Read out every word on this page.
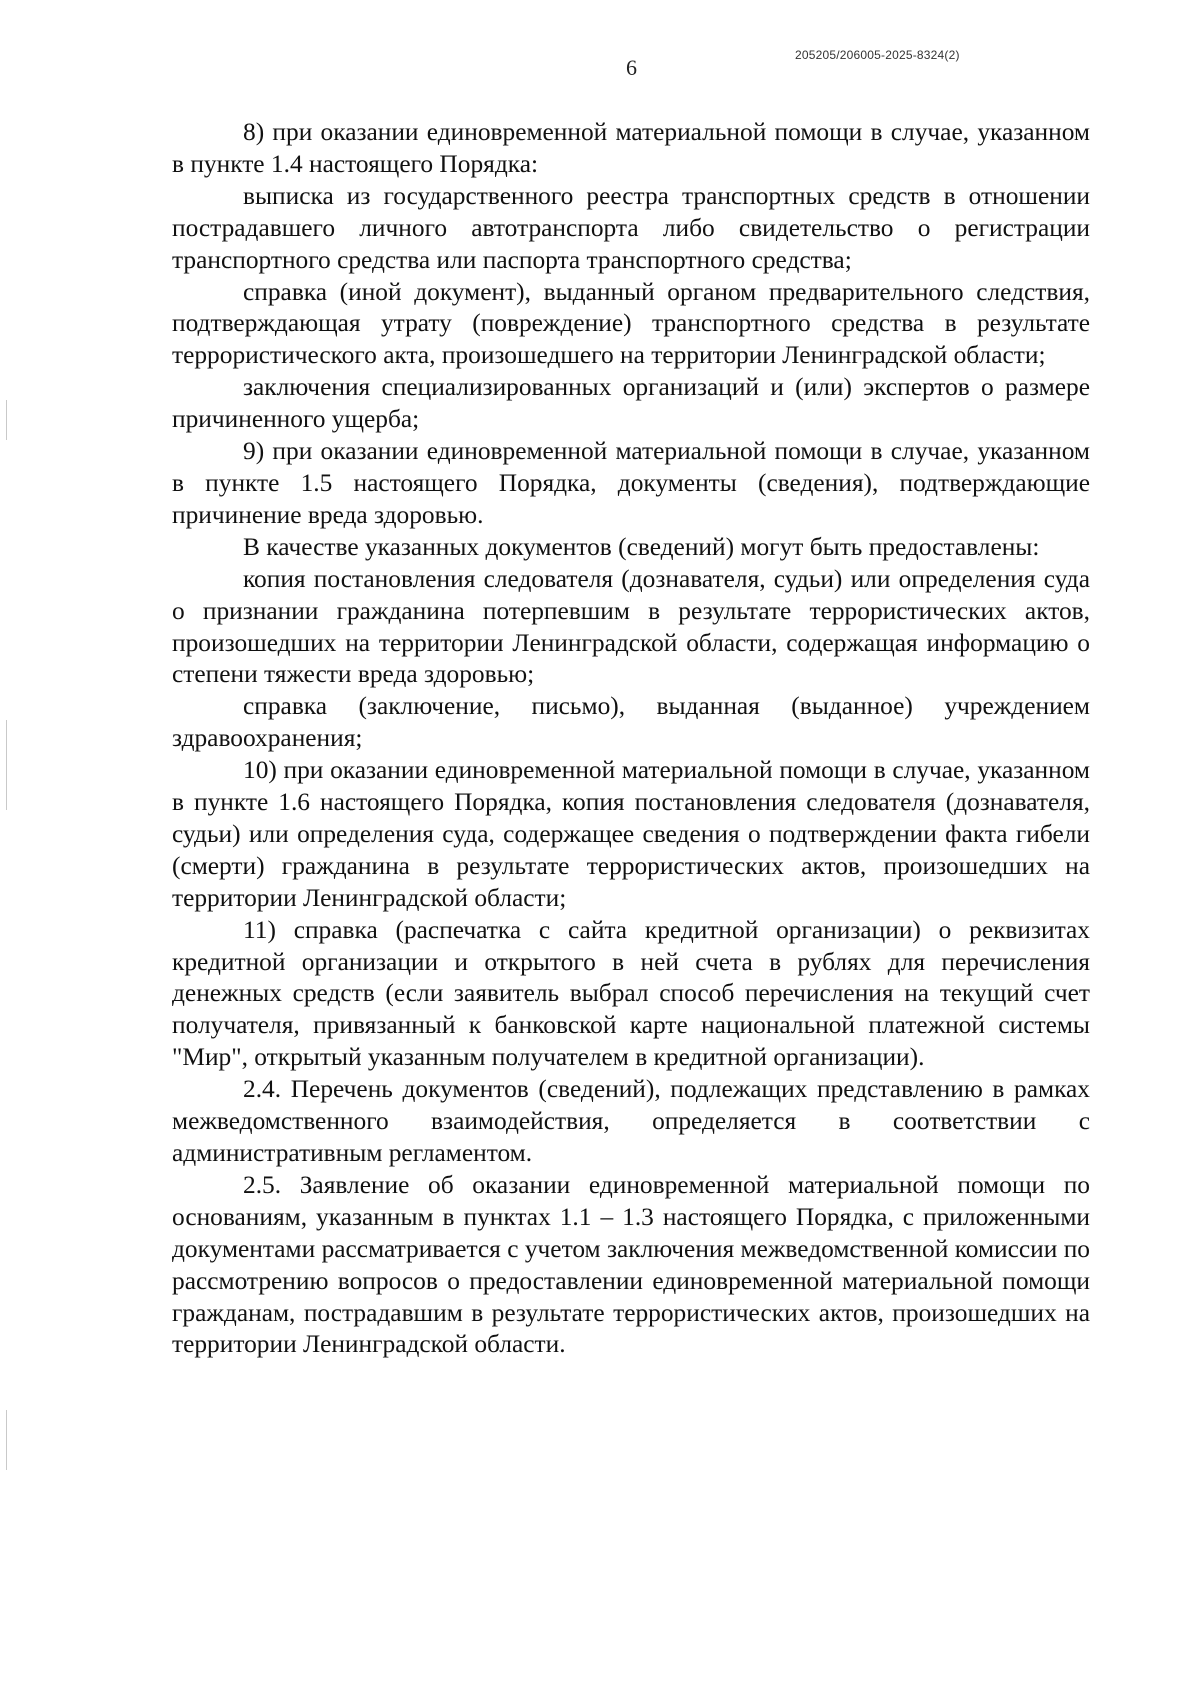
205205/206005-2025-8324(2)
6

8) при оказании единовременной материальной помощи в случае, указанном в пункте 1.4 настоящего Порядка:

выписка из государственного реестра транспортных средств в отношении пострадавшего личного автотранспорта либо свидетельство о регистрации транспортного средства или паспорта транспортного средства;

справка (иной документ), выданный органом предварительного следствия, подтверждающая утрату (повреждение) транспортного средства в результате террористического акта, произошедшего на территории Ленинградской области;

заключения специализированных организаций и (или) экспертов о размере причиненного ущерба;

9) при оказании единовременной материальной помощи в случае, указанном в пункте 1.5 настоящего Порядка, документы (сведения), подтверждающие причинение вреда здоровью.

В качестве указанных документов (сведений) могут быть предоставлены:

копия постановления следователя (дознавателя, судьи) или определения суда о признании гражданина потерпевшим в результате террористических актов, произошедших на территории Ленинградской области, содержащая информацию о степени тяжести вреда здоровью;

справка (заключение, письмо), выданная (выданное) учреждением здравоохранения;

10) при оказании единовременной материальной помощи в случае, указанном в пункте 1.6 настоящего Порядка, копия постановления следователя (дознавателя, судьи) или определения суда, содержащее сведения о подтверждении факта гибели (смерти) гражданина в результате террористических актов, произошедших на территории Ленинградской области;

11) справка (распечатка с сайта кредитной организации) о реквизитах кредитной организации и открытого в ней счета в рублях для перечисления денежных средств (если заявитель выбрал способ перечисления на текущий счет получателя, привязанный к банковской карте национальной платежной системы "Мир", открытый указанным получателем в кредитной организации).

2.4. Перечень документов (сведений), подлежащих представлению в рамках межведомственного взаимодействия, определяется в соответствии с административным регламентом.

2.5. Заявление об оказании единовременной материальной помощи по основаниям, указанным в пунктах 1.1 – 1.3 настоящего Порядка, с приложенными документами рассматривается с учетом заключения межведомственной комиссии по рассмотрению вопросов о предоставлении единовременной материальной помощи гражданам, пострадавшим в результате террористических актов, произошедших на территории Ленинградской области.
